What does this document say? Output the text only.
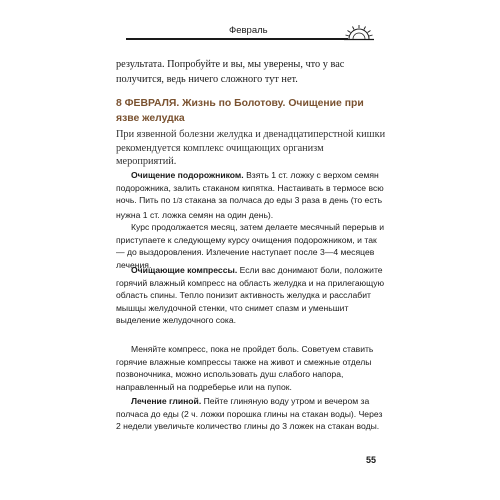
Февраль
результата. Попробуйте и вы, мы уверены, что у вас получится, ведь ничего сложного тут нет.
8 ФЕВРАЛЯ. Жизнь по Болотову. Очищение при язве желудка
При язвенной болезни желудка и двенадцатиперстной кишки рекомендуется комплекс очищающих организм мероприятий.
Очищение подорожником. Взять 1 ст. ложку с верхом семян подорожника, залить стаканом кипятка. Настаивать в термосе всю ночь. Пить по 1/3 стакана за полчаса до еды 3 раза в день (то есть нужна 1 ст. ложка семян на один день).
Курс продолжается месяц, затем делаете месячный перерыв и приступаете к следующему курсу очищения подорожником, и так — до выздоровления. Излечение наступает после 3—4 месяцев лечения.
Очищающие компрессы. Если вас донимают боли, положите горячий влажный компресс на область желудка и на прилегающую область спины. Тепло понизит активность желудка и расслабит мышцы желудочной стенки, что снимет спазм и уменьшит выделение желудочного сока.
Меняйте компресс, пока не пройдет боль. Советуем ставить горячие влажные компрессы также на живот и смежные отделы позвоночника, можно использовать душ слабого напора, направленный на подреберье или на пупок.
Лечение глиной. Пейте глиняную воду утром и вечером за полчаса до еды (2 ч. ложки порошка глины на стакан воды). Через 2 недели увеличьте количество глины до 3 ложек на стакан воды.
55
